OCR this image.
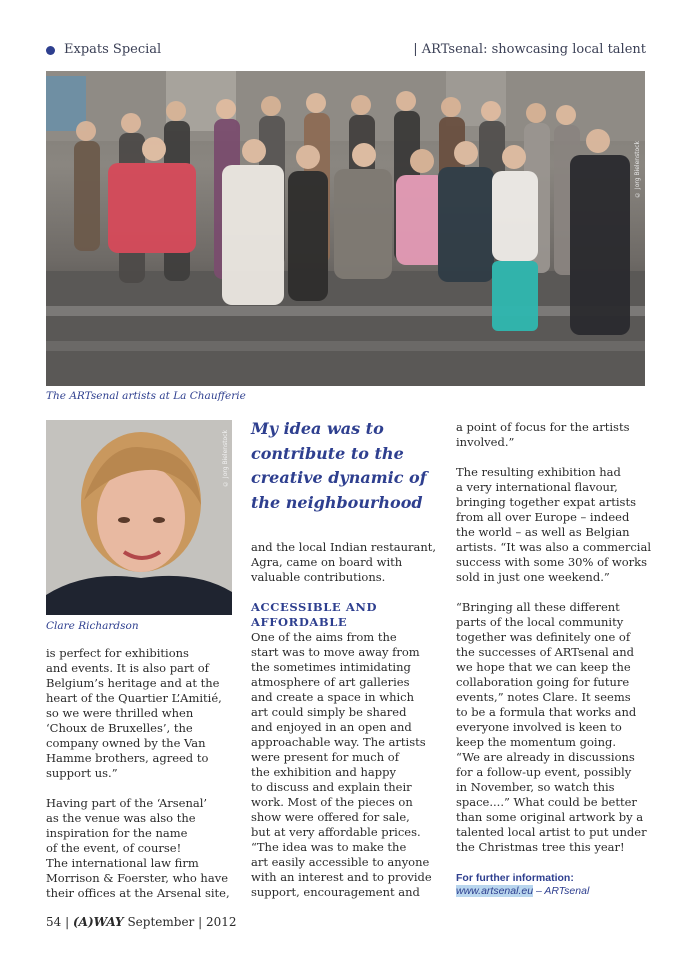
Expats Special	| ARTsenal: showcasing local talent
© Jorg Bielenstock
The ARTsenal artists at La Chaufferie
© Jorg Bielenstock
Clare Richardson

is perfect for exhibitions
and events. It is also part of
Belgium’s heritage and at the
heart of the Quartier L’Amitié,
so we were thrilled when
‘Choux de Bruxelles’, the
company owned by the Van
Hamme brothers, agreed to
support us.”

Having part of the ‘Arsenal’
as the venue was also the
inspiration for the name
of the event, of course!
The international law firm
Morrison & Foerster, who have
their offices at the Arsenal site,

My idea was to
contribute to the
creative dynamic of
the neighbourhood

and the local Indian restaurant,
Agra, came on board with
valuable contributions.

ACCESSIBLE AND
AFFORDABLE

One of the aims from the
start was to move away from
the sometimes intimidating
atmosphere of art galleries
and create a space in which
art could simply be shared
and enjoyed in an open and
approachable way. The artists
were present for much of
the exhibition and happy
to discuss and explain their
work. Most of the pieces on
show were offered for sale,
but at very affordable prices.
“The idea was to make the
art easily accessible to anyone
with an interest and to provide
support, encouragement and

a point of focus for the artists
involved.”

The resulting exhibition had
a very international flavour,
bringing together expat artists
from all over Europe – indeed
the world – as well as Belgian
artists. “It was also a commercial
success with some 30% of works
sold in just one weekend.”

“Bringing all these different
parts of the local community
together was definitely one of
the successes of ARTsenal and
we hope that we can keep the
collaboration going for future
events,” notes Clare. It seems
to be a formula that works and
everyone involved is keen to
keep the momentum going.
“We are already in discussions
for a follow-up event, possibly
in November, so watch this
space....” What could be better
than some original artwork by a
talented local artist to put under
the Christmas tree this year!

For further information:
www.artsenal.eu – ARTsenal
54 | (A)WAY September | 2012
